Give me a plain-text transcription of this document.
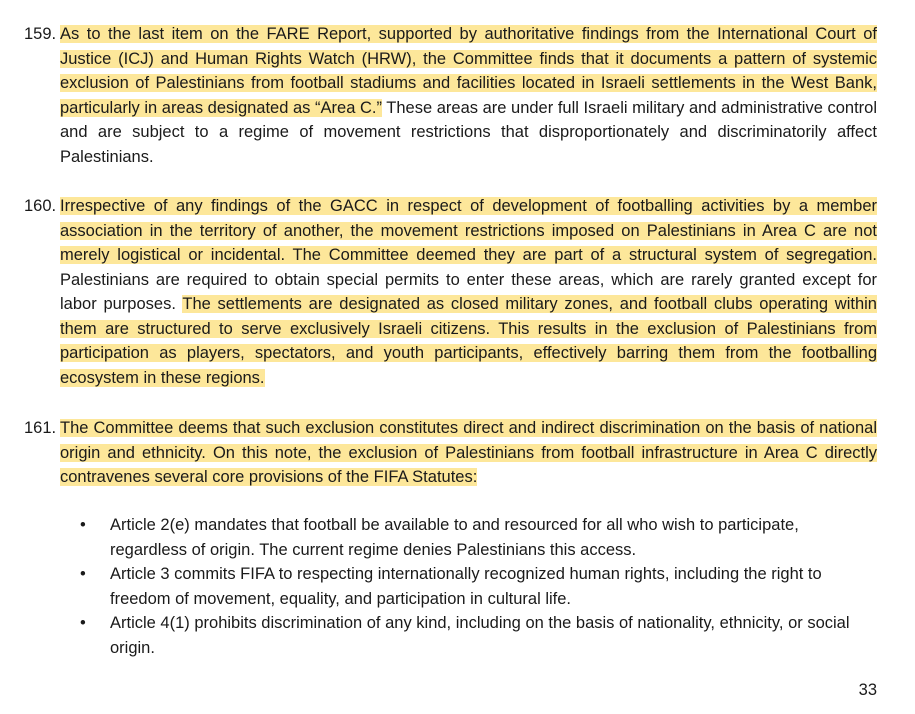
159. As to the last item on the FARE Report, supported by authoritative findings from the International Court of Justice (ICJ) and Human Rights Watch (HRW), the Committee finds that it documents a pattern of systemic exclusion of Palestinians from football stadiums and facilities located in Israeli settlements in the West Bank, particularly in areas designated as “Area C.” These areas are under full Israeli military and administrative control and are subject to a regime of movement restrictions that disproportionately and discriminatorily affect Palestinians.
160. Irrespective of any findings of the GACC in respect of development of footballing activities by a member association in the territory of another, the movement restrictions imposed on Palestinians in Area C are not merely logistical or incidental. The Committee deemed they are part of a structural system of segregation. Palestinians are required to obtain special permits to enter these areas, which are rarely granted except for labor purposes. The settlements are designated as closed military zones, and football clubs operating within them are structured to serve exclusively Israeli citizens. This results in the exclusion of Palestinians from participation as players, spectators, and youth participants, effectively barring them from the footballing ecosystem in these regions.
161. The Committee deems that such exclusion constitutes direct and indirect discrimination on the basis of national origin and ethnicity. On this note, the exclusion of Palestinians from football infrastructure in Area C directly contravenes several core provisions of the FIFA Statutes:
• Article 2(e) mandates that football be available to and resourced for all who wish to participate, regardless of origin. The current regime denies Palestinians this access.
• Article 3 commits FIFA to respecting internationally recognized human rights, including the right to freedom of movement, equality, and participation in cultural life.
• Article 4(1) prohibits discrimination of any kind, including on the basis of nationality, ethnicity, or social origin.
33
